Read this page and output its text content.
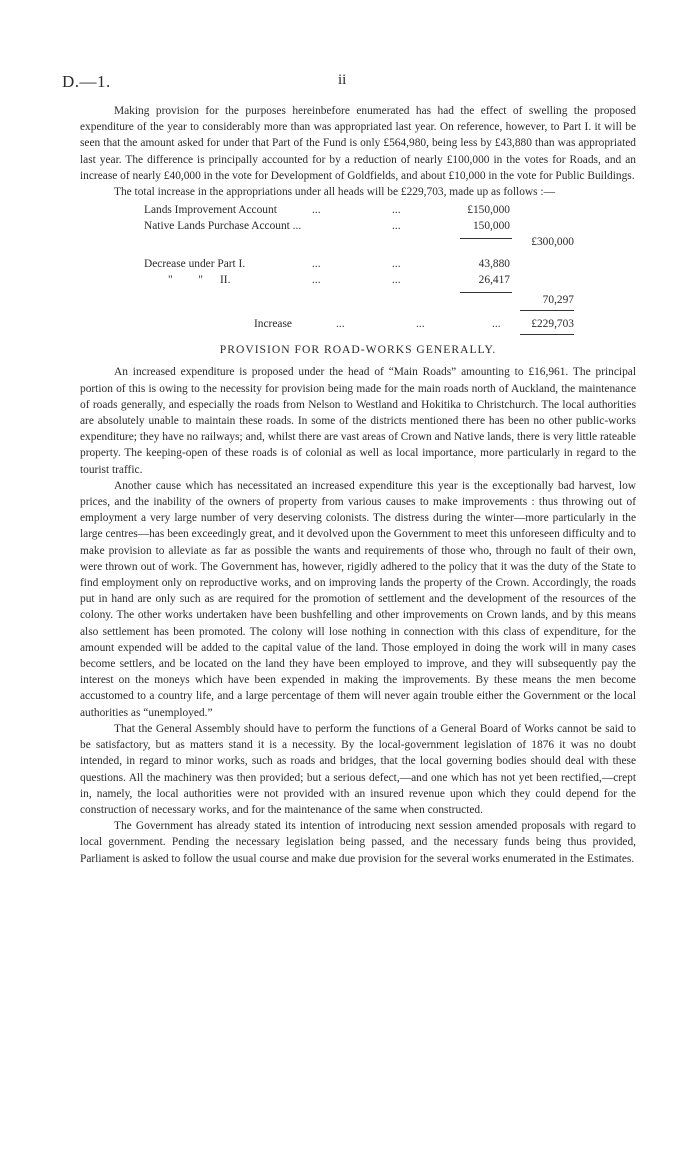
D.—1.	ii

Making provision for the purposes hereinbefore enumerated has had the effect of swelling the proposed expenditure of the year to considerably more than was appropriated last year. On reference, however, to Part I. it will be seen that the amount asked for under that Part of the Fund is only £564,980, being less by £43,880 than was appropriated last year. The difference is principally accounted for by a reduction of nearly £100,000 in the votes for Roads, and an increase of nearly £40,000 in the vote for Development of Goldfields, and about £10,000 in the vote for Public Buildings.

The total increase in the appropriations under all heads will be £229,703, made up as follows :—

Lands Improvement Account	...	...	£150,000
Native Lands Purchase Account ...	...	150,000
£300,000
Decrease under Part I.	...	...	43,880
"         "      II.	...	...	26,417
70,297
Increase	...	...	...	£229,703
PROVISION FOR ROAD-WORKS GENERALLY.

An increased expenditure is proposed under the head of “Main Roads” amounting to £16,961. The principal portion of this is owing to the necessity for provision being made for the main roads north of Auckland, the maintenance of roads generally, and especially the roads from Nelson to Westland and Hokitika to Christchurch. The local authorities are absolutely unable to maintain these roads. In some of the districts mentioned there has been no other public-works expenditure; they have no railways; and, whilst there are vast areas of Crown and Native lands, there is very little rateable property. The keeping-open of these roads is of colonial as well as local importance, more particularly in regard to the tourist traffic.

Another cause which has necessitated an increased expenditure this year is the exceptionally bad harvest, low prices, and the inability of the owners of property from various causes to make improvements : thus throwing out of employment a very large number of very deserving colonists. The distress during the winter—more particularly in the large centres—has been exceedingly great, and it devolved upon the Government to meet this unforeseen difficulty and to make provision to alleviate as far as possible the wants and requirements of those who, through no fault of their own, were thrown out of work. The Government has, however, rigidly adhered to the policy that it was the duty of the State to find employment only on reproductive works, and on improving lands the property of the Crown. Accordingly, the roads put in hand are only such as are required for the promotion of settlement and the development of the resources of the colony. The other works undertaken have been bushfelling and other improvements on Crown lands, and by this means also settlement has been promoted. The colony will lose nothing in connection with this class of expenditure, for the amount expended will be added to the capital value of the land. Those employed in doing the work will in many cases become settlers, and be located on the land they have been employed to improve, and they will subsequently pay the interest on the moneys which have been expended in making the improvements. By these means the men become accustomed to a country life, and a large percentage of them will never again trouble either the Government or the local authorities as “unemployed.”

That the General Assembly should have to perform the functions of a General Board of Works cannot be said to be satisfactory, but as matters stand it is a necessity. By the local-government legislation of 1876 it was no doubt intended, in regard to minor works, such as roads and bridges, that the local governing bodies should deal with these questions. All the machinery was then provided; but a serious defect,—and one which has not yet been rectified,—crept in, namely, the local authorities were not provided with an insured revenue upon which they could depend for the construction of necessary works, and for the maintenance of the same when constructed.

The Government has already stated its intention of introducing next session amended proposals with regard to local government. Pending the necessary legislation being passed, and the necessary funds being thus provided, Parliament is asked to follow the usual course and make due provision for the several works enumerated in the Estimates.
